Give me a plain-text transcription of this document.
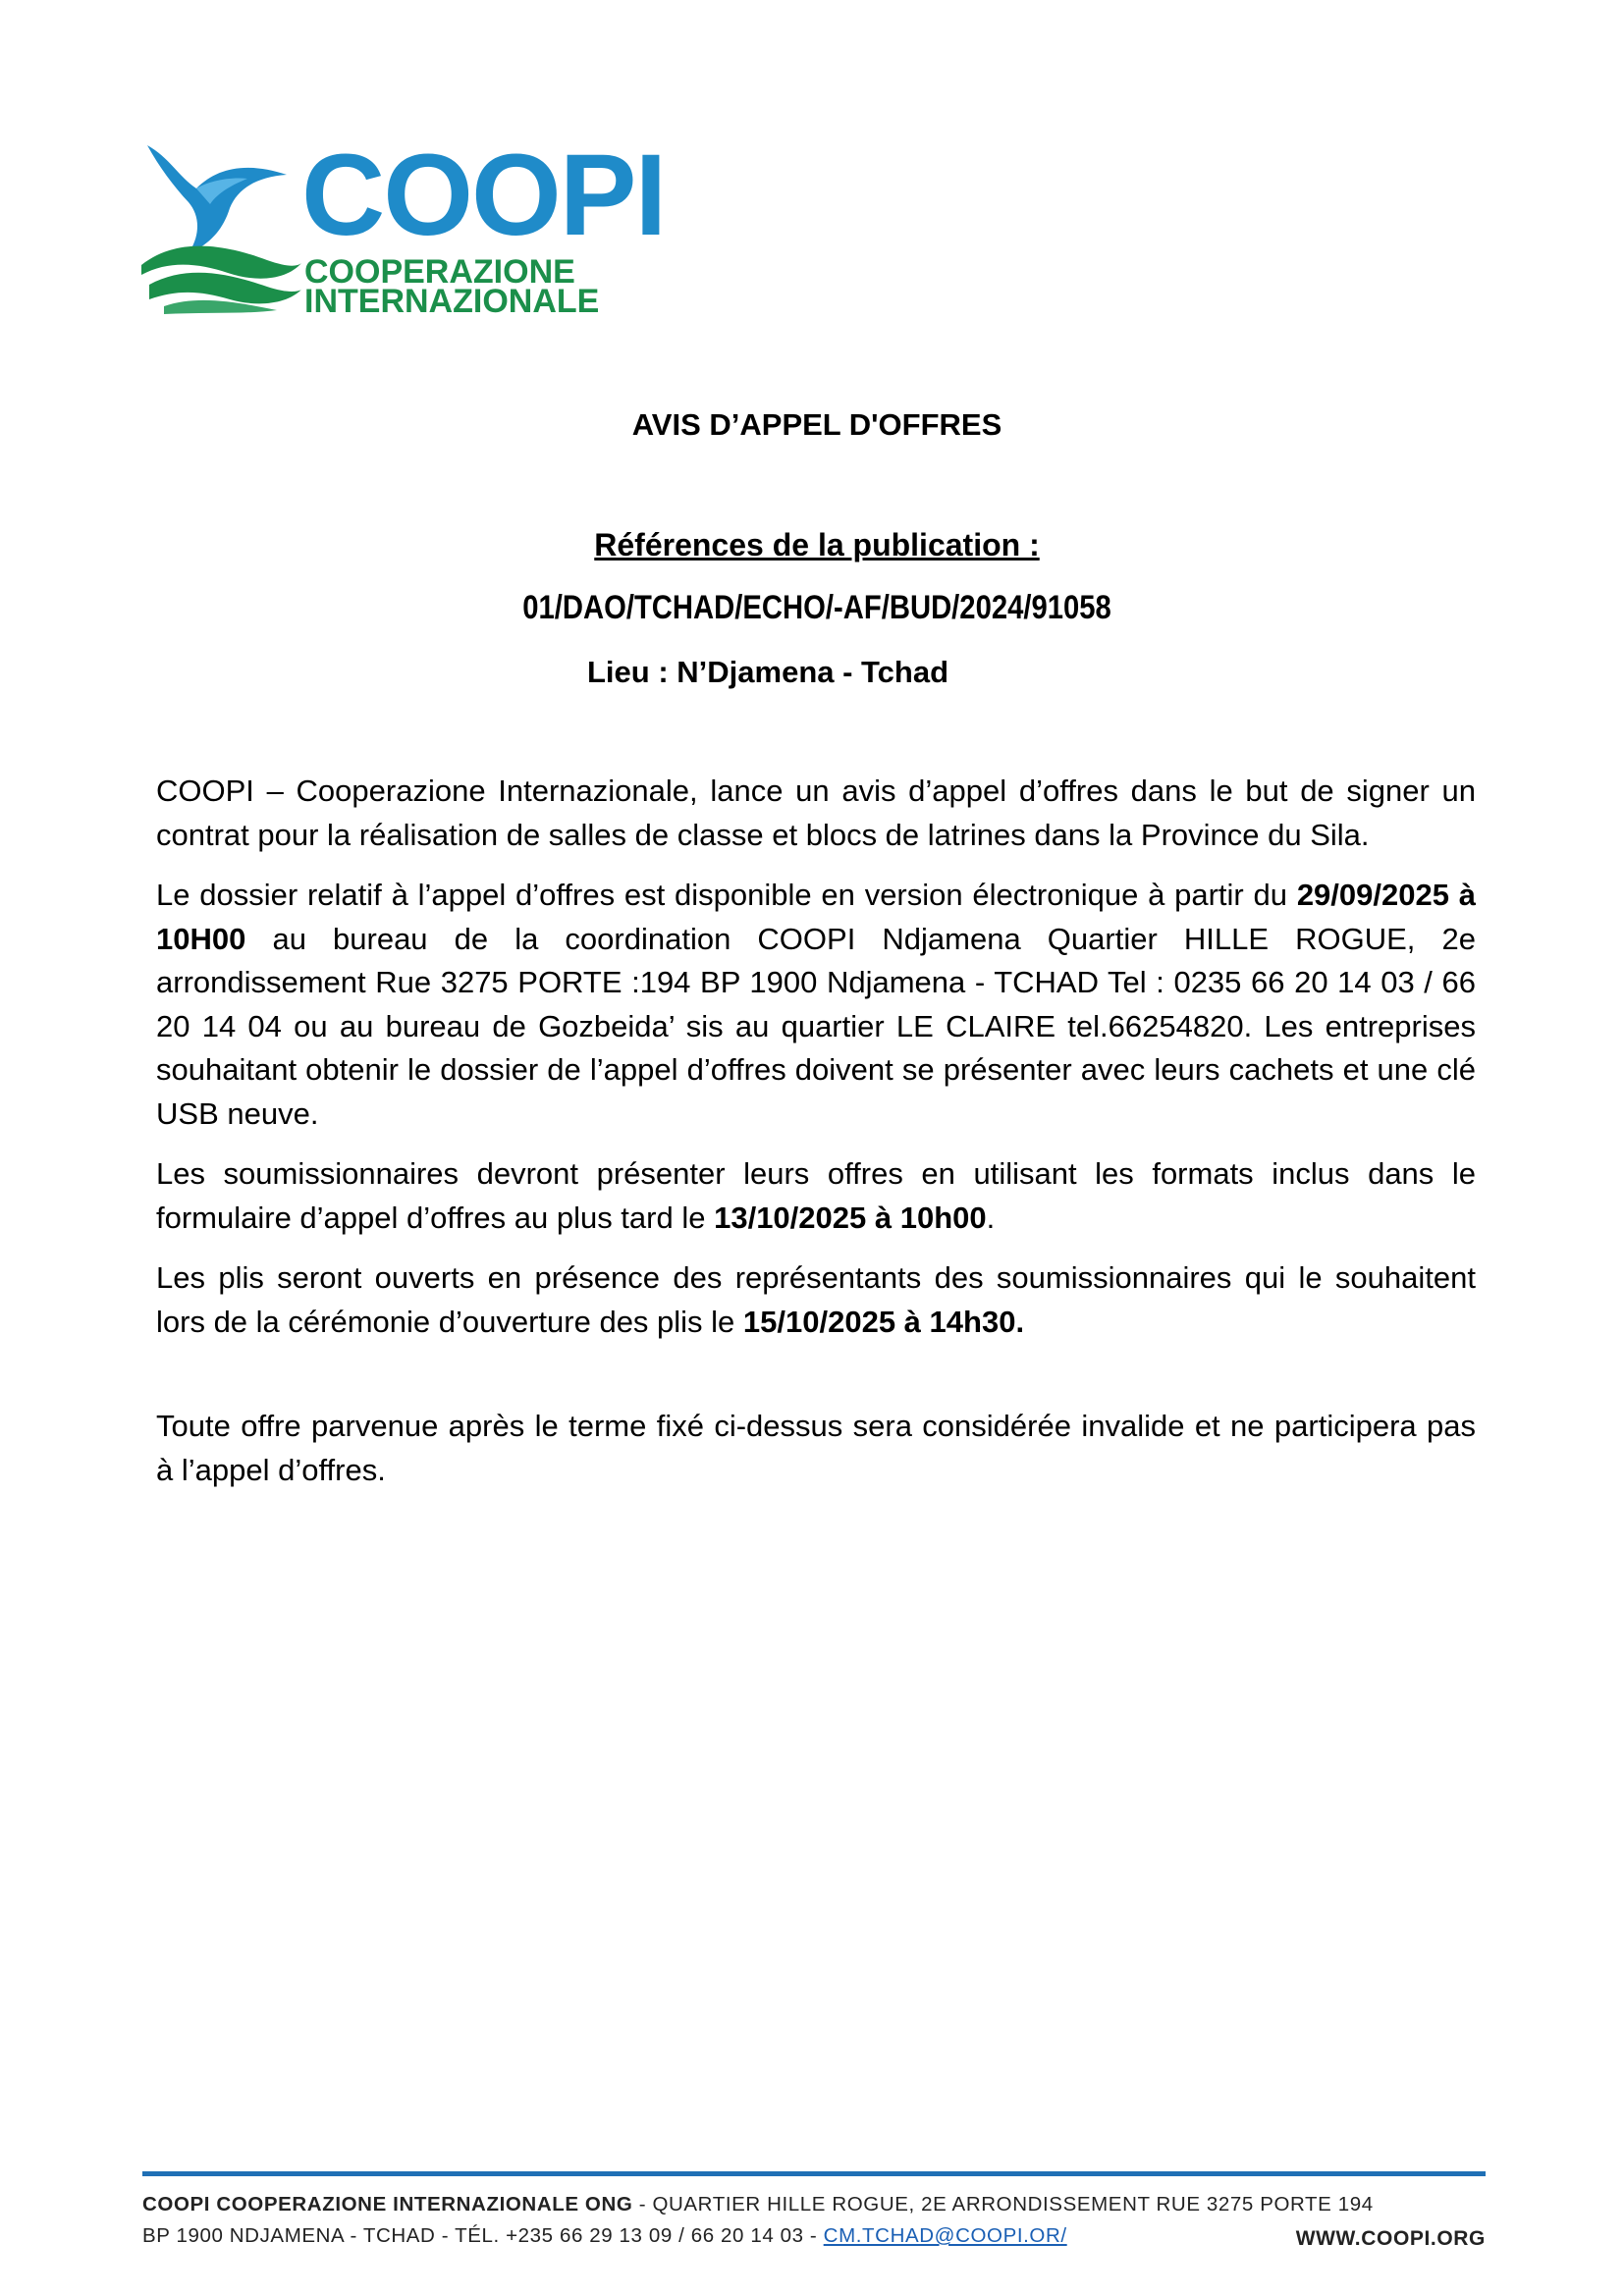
COOPI
COOPERAZIONE
INTERNAZIONALE
AVIS D’APPEL D'OFFRES
Références de la publication :
01/DAO/TCHAD/ECHO/-AF/BUD/2024/91058
Lieu : N’Djamena - Tchad

COOPI – Cooperazione Internazionale, lance un avis d’appel d’offres dans le but de signer un contrat pour la réalisation de salles de classe et blocs de latrines dans la Province du Sila.

Le dossier relatif à l’appel d’offres est disponible en version électronique à partir du 29/09/2025 à 10H00 au bureau de la coordination COOPI Ndjamena Quartier HILLE ROGUE, 2e arrondissement Rue 3275 PORTE :194 BP 1900 Ndjamena - TCHAD Tel : 0235 66 20 14 03 / 66 20 14 04 ou au bureau de Gozbeida’ sis au quartier LE CLAIRE tel.66254820. Les entreprises souhaitant obtenir le dossier de l’appel d’offres doivent se présenter avec leurs cachets et une clé USB neuve.

Les soumissionnaires devront présenter leurs offres en utilisant les formats inclus dans le formulaire d’appel d’offres au plus tard le 13/10/2025 à 10h00.

Les plis seront ouverts en présence des représentants des soumissionnaires qui le souhaitent lors de la cérémonie d’ouverture des plis le 15/10/2025 à 14h30.

Toute offre parvenue après le terme fixé ci-dessus sera considérée invalide et ne participera pas à l’appel d’offres.

COOPI COOPERAZIONE INTERNAZIONALE ONG - QUARTIER HILLE ROGUE, 2E ARRONDISSEMENT RUE 3275 PORTE 194
BP 1900 NDJAMENA - TCHAD - TÉL. +235 66 29 13 09 / 66 20 14 03 - CM.TCHAD@COOPI.OR/	WWW.COOPI.ORG
